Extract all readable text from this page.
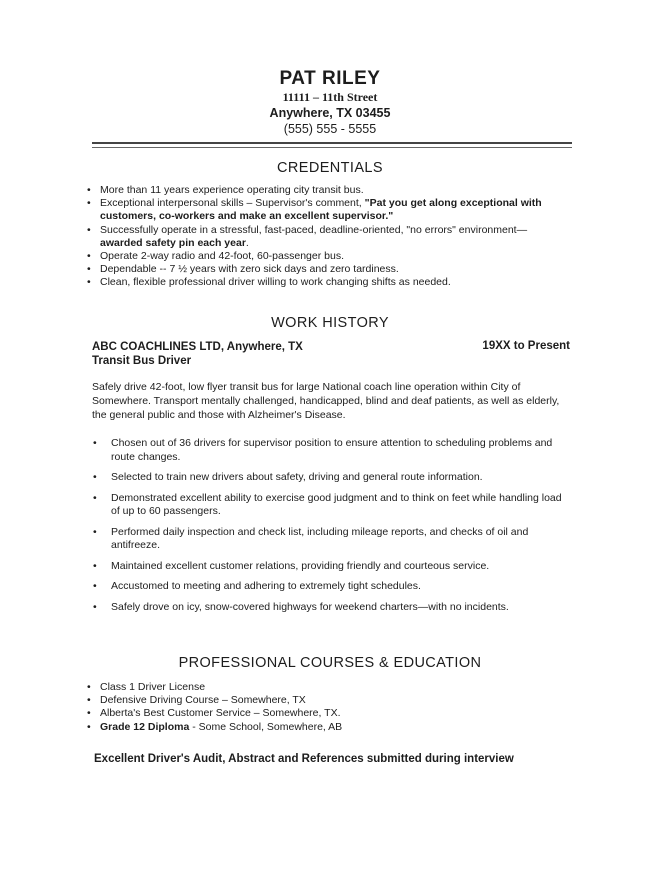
PAT RILEY
11111 – 11th Street
Anywhere, TX 03455
(555) 555 - 5555
CREDENTIALS
• More than 11 years experience operating city transit bus.
• Exceptional interpersonal skills – Supervisor's comment, "Pat you get along exceptional with customers, co-workers and make an excellent supervisor."
• Successfully operate in a stressful, fast-paced, deadline-oriented, "no errors" environment—awarded safety pin each year.
• Operate 2-way radio and 42-foot, 60-passenger bus.
• Dependable -- 7 ½ years with zero sick days and zero tardiness.
• Clean, flexible professional driver willing to work changing shifts as needed.
WORK HISTORY
ABC COACHLINES LTD, Anywhere, TX
Transit Bus Driver
19XX to Present

Safely drive 42-foot, low flyer transit bus for large National coach line operation within City of Somewhere. Transport mentally challenged, handicapped, blind and deaf patients, as well as elderly, the general public and those with Alzheimer's Disease.

• Chosen out of 36 drivers for supervisor position to ensure attention to scheduling problems and route changes.
• Selected to train new drivers about safety, driving and general route information.
• Demonstrated excellent ability to exercise good judgment and to think on feet while handling load of up to 60 passengers.
• Performed daily inspection and check list, including mileage reports, and checks of oil and antifreeze.
• Maintained excellent customer relations, providing friendly and courteous service.
• Accustomed to meeting and adhering to extremely tight schedules.
• Safely drove on icy, snow-covered highways for weekend charters—with no incidents.
PROFESSIONAL COURSES & EDUCATION
• Class 1 Driver License
• Defensive Driving Course – Somewhere, TX
• Alberta's Best Customer Service – Somewhere, TX.
• Grade 12 Diploma - Some School, Somewhere, AB
Excellent Driver's Audit, Abstract and References submitted during interview
